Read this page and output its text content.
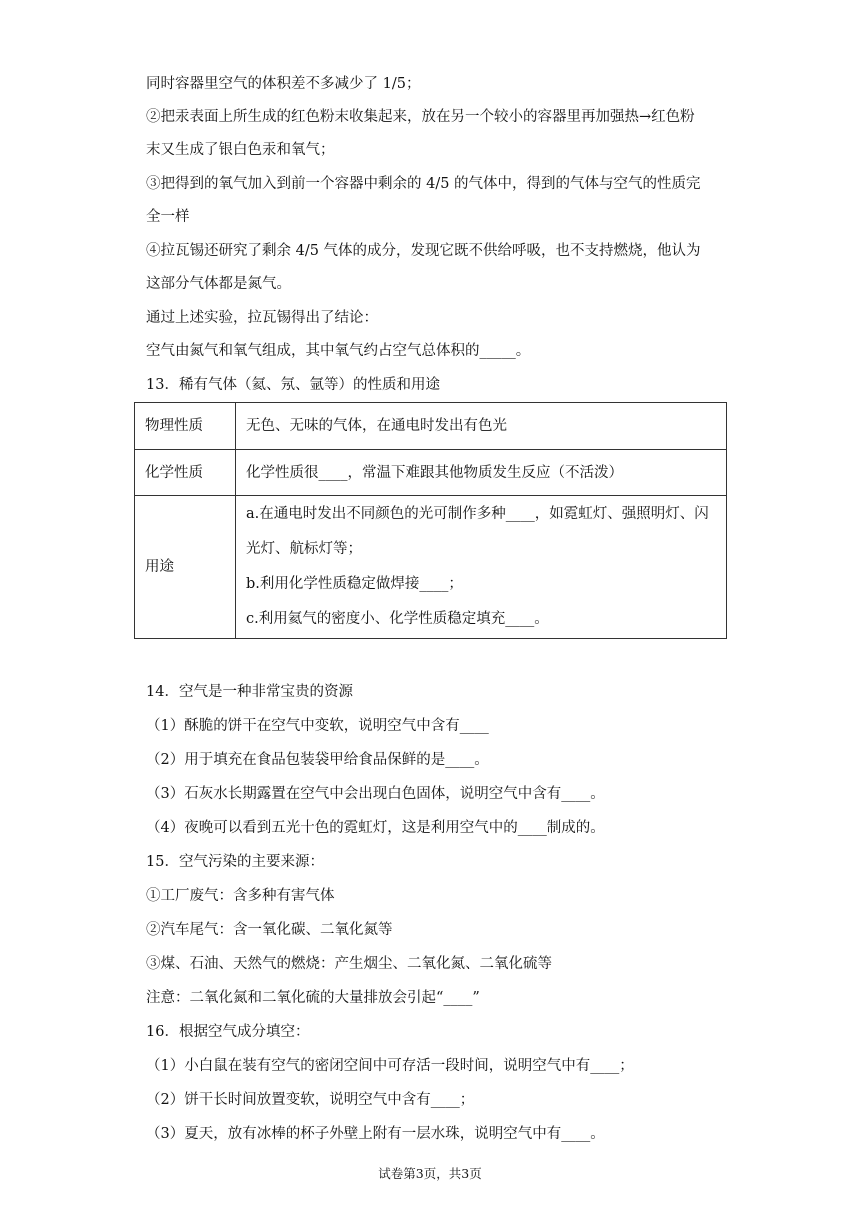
同时容器里空气的体积差不多减少了 1/5；
②把汞表面上所生成的红色粉末收集起来，放在另一个较小的容器里再加强热→红色粉
末又生成了银白色汞和氧气；
③把得到的氧气加入到前一个容器中剩余的 4/5 的气体中，得到的气体与空气的性质完
全一样
④拉瓦锡还研究了剩余 4/5 气体的成分，发现它既不供给呼吸，也不支持燃烧，他认为
这部分气体都是氮气。
通过上述实验，拉瓦锡得出了结论：
空气由氮气和氧气组成，其中氧气约占空气总体积的_____。
13．稀有气体（氦、氖、氩等）的性质和用途
物理性质	无色、无味的气体，在通电时发出有色光
化学性质	化学性质很____，常温下难跟其他物质发生反应（不活泼）
用途	a.在通电时发出不同颜色的光可制作多种____，如霓虹灯、强照明灯、闪

光灯、航标灯等；

b.利用化学性质稳定做焊接____；

c.利用氦气的密度小、化学性质稳定填充____。

14．空气是一种非常宝贵的资源
（1）酥脆的饼干在空气中变软，说明空气中含有____
（2）用于填充在食品包装袋甲给食品保鲜的是____。
（3）石灰水长期露置在空气中会出现白色固体，说明空气中含有____。
（4）夜晚可以看到五光十色的霓虹灯，这是利用空气中的____制成的。
15．空气污染的主要来源：
①工厂废气：含多种有害气体
②汽车尾气：含一氧化碳、二氧化氮等
③煤、石油、天然气的燃烧：产生烟尘、二氧化氮、二氧化硫等
注意：二氧化氮和二氧化硫的大量排放会引起“____”
16．根据空气成分填空：
（1）小白鼠在装有空气的密闭空间中可存活一段时间，说明空气中有____；
（2）饼干长时间放置变软，说明空气中含有____；
（3）夏天，放有冰棒的杯子外壁上附有一层水珠，说明空气中有____。
试卷第3页，共3页
